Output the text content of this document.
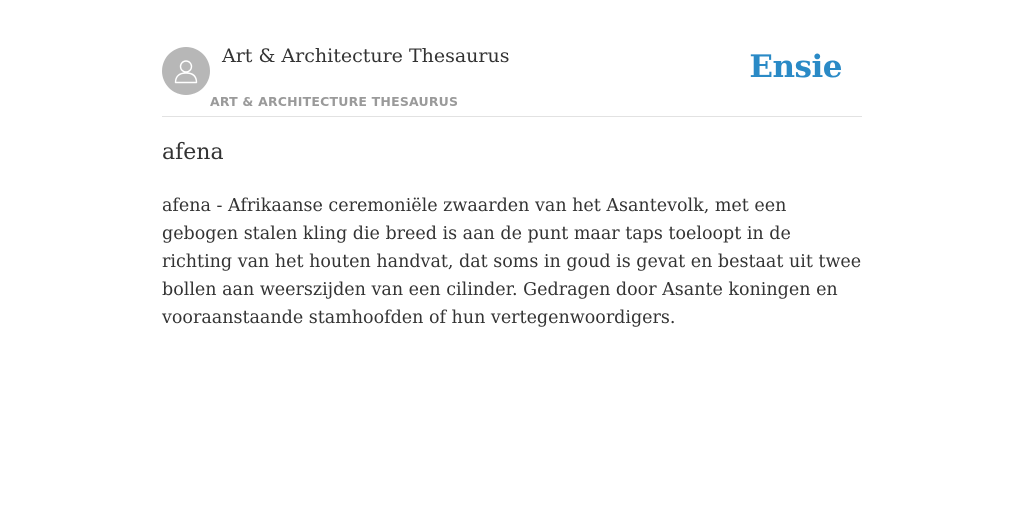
Art & Architecture Thesaurus
ART & ARCHITECTURE THESAURUS
Ensie
afena

afena - Afrikaanse ceremoniële zwaarden van het Asantevolk, met een gebogen stalen kling die breed is aan de punt maar taps toeloopt in de richting van het houten handvat, dat soms in goud is gevat en bestaat uit twee bollen aan weerszijden van een cilinder. Gedragen door Asante koningen en vooraanstaande stamhoofden of hun vertegenwoordigers.
